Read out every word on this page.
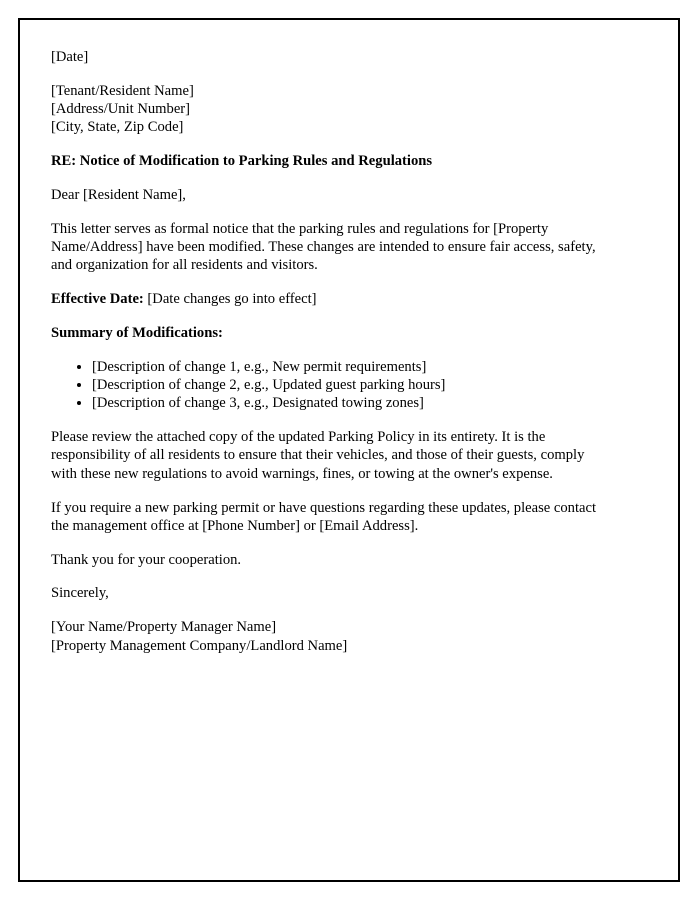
[Date]

[Tenant/Resident Name]

[Address/Unit Number]

[City, State, Zip Code]

RE: Notice of Modification to Parking Rules and Regulations

Dear [Resident Name],

This letter serves as formal notice that the parking rules and regulations for [Property Name/Address] have been modified. These changes are intended to ensure fair access, safety, and organization for all residents and visitors.

Effective Date: [Date changes go into effect]

Summary of Modifications:

• [Description of change 1, e.g., New permit requirements]
• [Description of change 2, e.g., Updated guest parking hours]
• [Description of change 3, e.g., Designated towing zones]

Please review the attached copy of the updated Parking Policy in its entirety. It is the responsibility of all residents to ensure that their vehicles, and those of their guests, comply with these new regulations to avoid warnings, fines, or towing at the owner's expense.

If you require a new parking permit or have questions regarding these updates, please contact the management office at [Phone Number] or [Email Address].

Thank you for your cooperation.

Sincerely,

[Your Name/Property Manager Name]

[Property Management Company/Landlord Name]
